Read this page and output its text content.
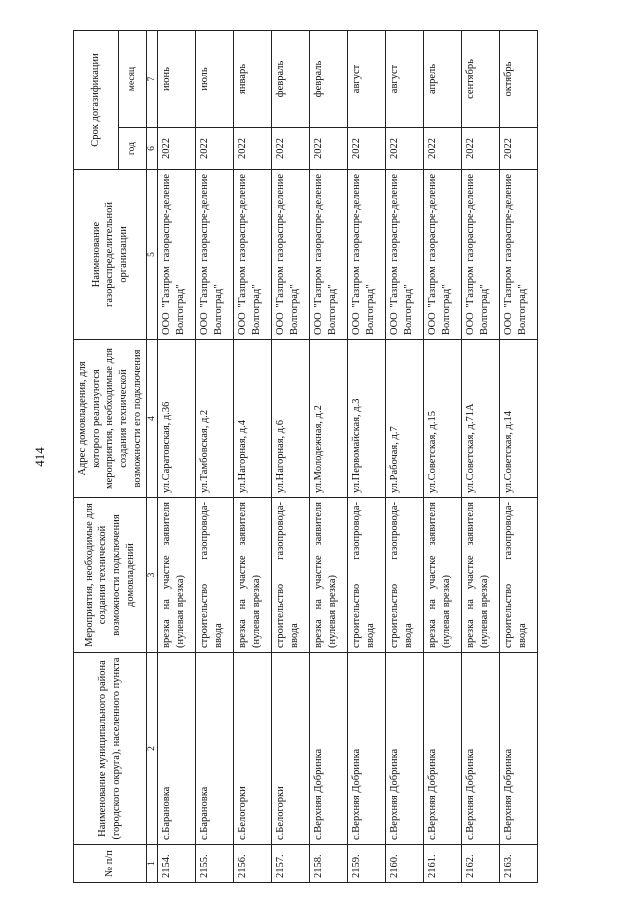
414
№ п/п	Наименование муниципального района (городского округа), населенного пункта	Мероприятия, необходимые для создания технической возможности подключения домовладений	Адрес домовладения, для которого реализуются мероприятия, необходимые для создания технической возможности его подключения	Наименование газораспределительной организации	Срок догазификации	
					год	месяц
1	2	3	4	5	6	7
2154.	с.Барановка	врезка на участке заявителя (нулевая врезка)	ул.Саратовская, д.36	ООО "Газпром газораспре-деление Волгоград"	2022	июнь
2155.	с.Барановка	строительство газопровода-ввода	ул.Тамбовская, д.2	ООО "Газпром газораспре-деление Волгоград"	2022	июль
2156.	с.Белогорки	врезка на участке заявителя (нулевая врезка)	ул.Нагорная, д.4	ООО "Газпром газораспре-деление Волгоград"	2022	январь
2157.	с.Белогорки	строительство газопровода-ввода	ул.Нагорная, д.6	ООО "Газпром газораспре-деление Волгоград"	2022	февраль
2158.	с.Верхняя Добринка	врезка на участке заявителя (нулевая врезка)	ул.Молодежная, д.2	ООО "Газпром газораспре-деление Волгоград"	2022	февраль
2159.	с.Верхняя Добринка	строительство газопровода-ввода	ул.Первомайская, д.3	ООО "Газпром газораспре-деление Волгоград"	2022	август
2160.	с.Верхняя Добринка	строительство газопровода-ввода	ул.Рабочая, д.7	ООО "Газпром газораспре-деление Волгоград"	2022	август
2161.	с.Верхняя Добринка	врезка на участке заявителя (нулевая врезка)	ул.Советская, д.15	ООО "Газпром газораспре-деление Волгоград"	2022	апрель
2162.	с.Верхняя Добринка	врезка на участке заявителя (нулевая врезка)	ул.Советская, д.71А	ООО "Газпром газораспре-деление Волгоград"	2022	сентябрь
2163.	с.Верхняя Добринка	строительство газопровода-ввода	ул.Советская, д.14	ООО "Газпром газораспре-деление Волгоград"	2022	октябрь
